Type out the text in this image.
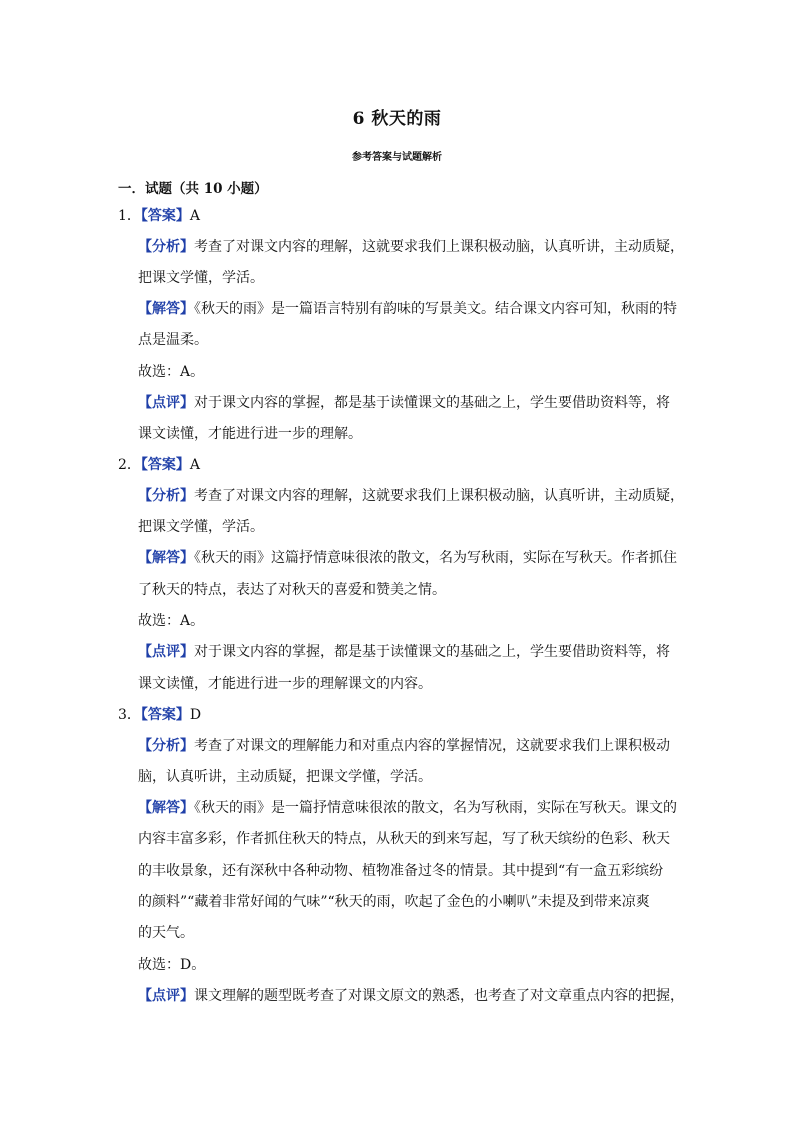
6 秋天的雨
参考答案与试题解析
一．试题（共 10 小题）
1．【答案】A
【分析】考查了对课文内容的理解，这就要求我们上课积极动脑，认真听讲，主动质疑，
把课文学懂，学活。
【解答】《秋天的雨》是一篇语言特别有韵味的写景美文。结合课文内容可知，秋雨的特
点是温柔。
故选：A。
【点评】对于课文内容的掌握，都是基于读懂课文的基础之上，学生要借助资料等，将
课文读懂，才能进行进一步的理解。
2．【答案】A
【分析】考查了对课文内容的理解，这就要求我们上课积极动脑，认真听讲，主动质疑，
把课文学懂，学活。
【解答】《秋天的雨》这篇抒情意味很浓的散文，名为写秋雨，实际在写秋天。作者抓住
了秋天的特点，表达了对秋天的喜爱和赞美之情。
故选：A。
【点评】对于课文内容的掌握，都是基于读懂课文的基础之上，学生要借助资料等，将
课文读懂，才能进行进一步的理解课文的内容。
3．【答案】D
【分析】考查了对课文的理解能力和对重点内容的掌握情况，这就要求我们上课积极动
脑，认真听讲，主动质疑，把课文学懂，学活。
【解答】《秋天的雨》是一篇抒情意味很浓的散文，名为写秋雨，实际在写秋天。课文的
内容丰富多彩，作者抓住秋天的特点，从秋天的到来写起，写了秋天缤纷的色彩、秋天
的丰收景象，还有深秋中各种动物、植物准备过冬的情景。其中提到“有一盒五彩缤纷
的颜料”“藏着非常好闻的气味”“秋天的雨，吹起了金色的小喇叭”未提及到带来凉爽
的天气。
故选：D。
【点评】课文理解的题型既考查了对课文原文的熟悉，也考查了对文章重点内容的把握，
